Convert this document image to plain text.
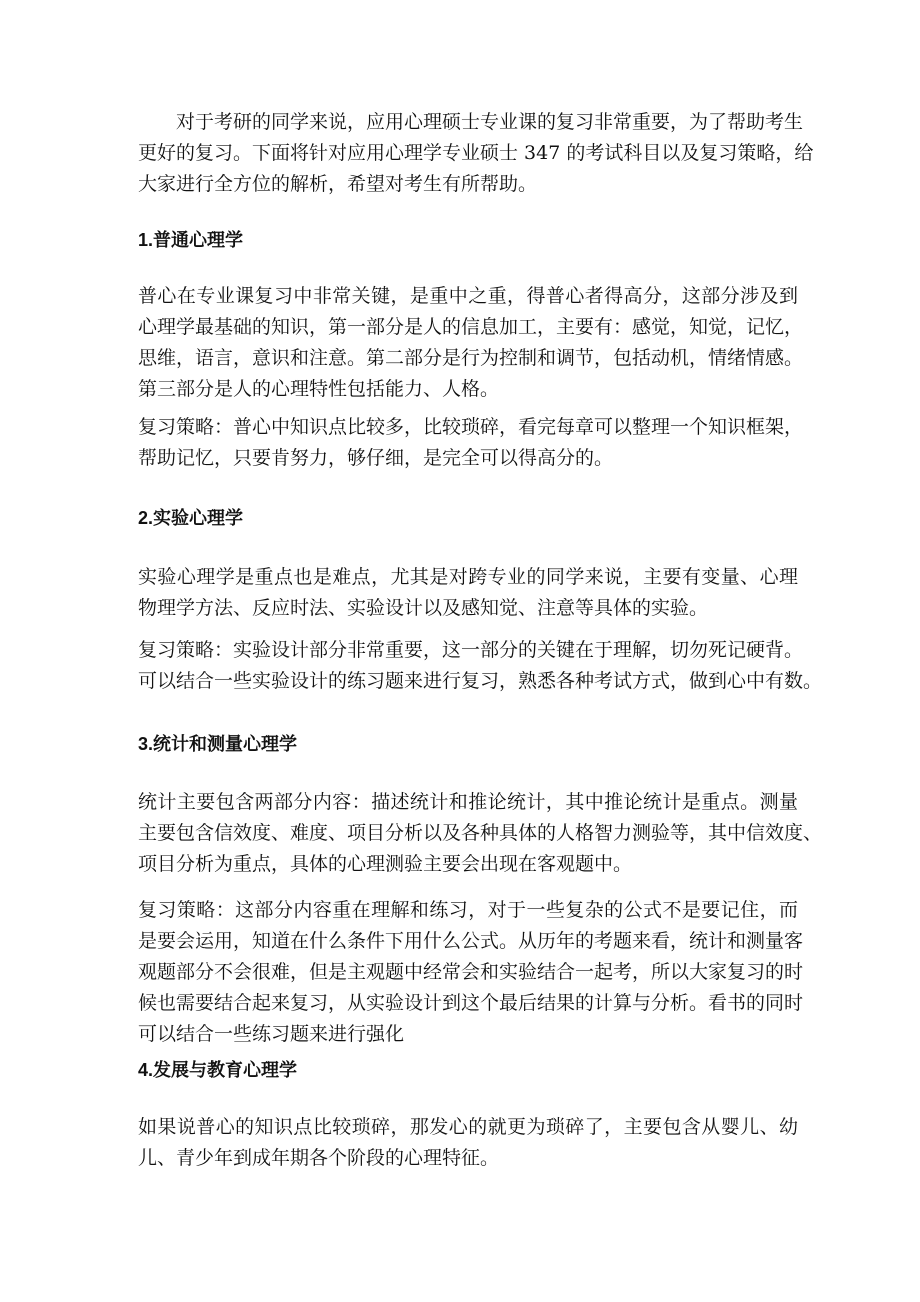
　　对于考研的同学来说，应用心理硕士专业课的复习非常重要，为了帮助考生
更好的复习。下面将针对应用心理学专业硕士 347 的考试科目以及复习策略，给
大家进行全方位的解析，希望对考生有所帮助。
1.普通心理学
普心在专业课复习中非常关键，是重中之重，得普心者得高分，这部分涉及到
心理学最基础的知识，第一部分是人的信息加工，主要有：感觉，知觉，记忆，
思维，语言，意识和注意。第二部分是行为控制和调节，包括动机，情绪情感。
第三部分是人的心理特性包括能力、人格。
复习策略：普心中知识点比较多，比较琐碎，看完每章可以整理一个知识框架，
帮助记忆，只要肯努力，够仔细，是完全可以得高分的。
2.实验心理学
实验心理学是重点也是难点，尤其是对跨专业的同学来说，主要有变量、心理
物理学方法、反应时法、实验设计以及感知觉、注意等具体的实验。
复习策略：实验设计部分非常重要，这一部分的关键在于理解，切勿死记硬背。
可以结合一些实验设计的练习题来进行复习，熟悉各种考试方式，做到心中有数。
3.统计和测量心理学
统计主要包含两部分内容：描述统计和推论统计，其中推论统计是重点。测量
主要包含信效度、难度、项目分析以及各种具体的人格智力测验等，其中信效度、
项目分析为重点，具体的心理测验主要会出现在客观题中。
复习策略：这部分内容重在理解和练习，对于一些复杂的公式不是要记住，而
是要会运用，知道在什么条件下用什么公式。从历年的考题来看，统计和测量客
观题部分不会很难，但是主观题中经常会和实验结合一起考，所以大家复习的时
候也需要结合起来复习，从实验设计到这个最后结果的计算与分析。看书的同时
可以结合一些练习题来进行强化
4.发展与教育心理学
如果说普心的知识点比较琐碎，那发心的就更为琐碎了，主要包含从婴儿、幼
儿、青少年到成年期各个阶段的心理特征。
